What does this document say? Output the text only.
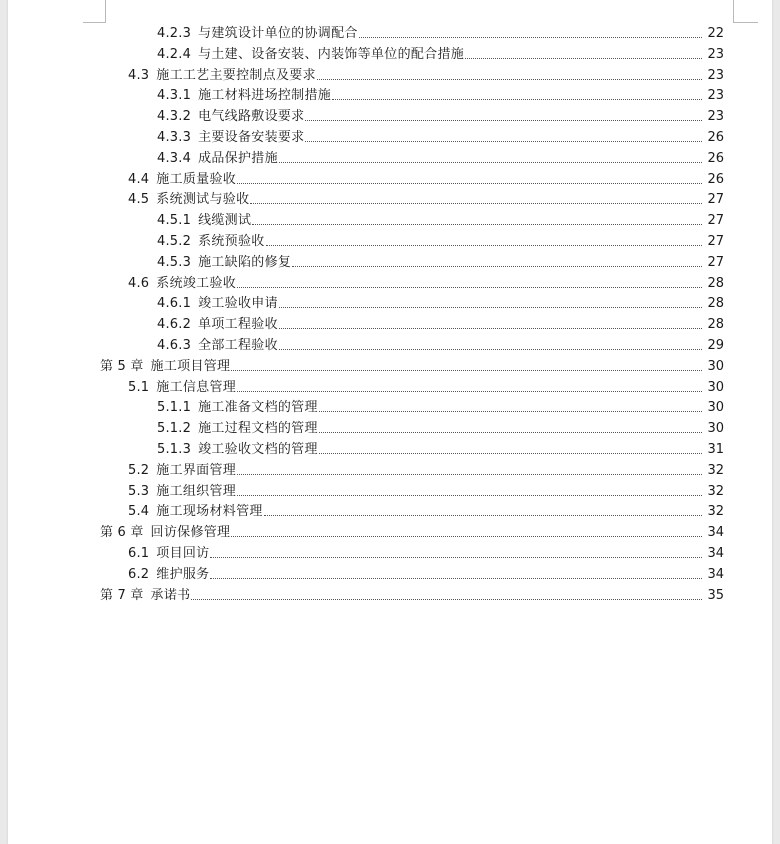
4.2.3 与建筑设计单位的协调配合	22
4.2.4 与土建、设备安装、内装饰等单位的配合措施	23
4.3 施工工艺主要控制点及要求	23
4.3.1 施工材料进场控制措施	23
4.3.2 电气线路敷设要求	23
4.3.3 主要设备安装要求	26
4.3.4 成品保护措施	26
4.4 施工质量验收	26
4.5 系统测试与验收	27
4.5.1 线缆测试	27
4.5.2 系统预验收	27
4.5.3 施工缺陷的修复	27
4.6 系统竣工验收	28
4.6.1 竣工验收申请	28
4.6.2 单项工程验收	28
4.6.3 全部工程验收	29
第 5 章 施工项目管理	30
5.1 施工信息管理	30
5.1.1 施工准备文档的管理	30
5.1.2 施工过程文档的管理	30
5.1.3 竣工验收文档的管理	31
5.2 施工界面管理	32
5.3 施工组织管理	32
5.4 施工现场材料管理	32
第 6 章 回访保修管理	34
6.1 项目回访	34
6.2 维护服务	34
第 7 章 承诺书	35
